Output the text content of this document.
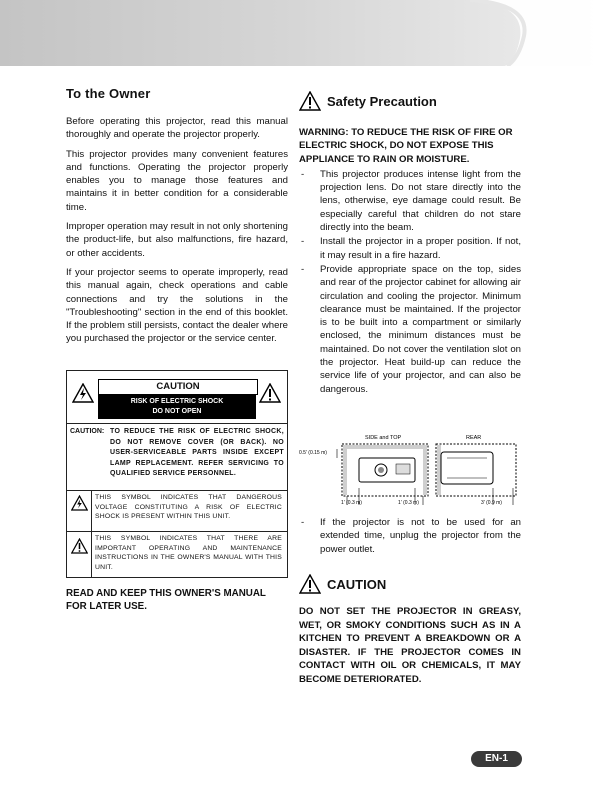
To the Owner

Before operating this projector, read this manual thoroughly and operate the projector properly.

This projector provides many convenient features and functions. Operating the projector properly enables you to manage those features and maintains it in better condition for a considerable time.

Improper operation may result in not only shortening the product-life, but also malfunctions, fire hazard, or other accidents.

If your projector seems to operate improperly, read this manual again, check operations and cable connections and try the solutions in the "Troubleshooting" section in the end of this booklet. If the problem still persists, contact the dealer where you purchased the projector or the service center.

CAUTION
RISK OF ELECTRIC SHOCK
DO NOT OPEN
CAUTION: TO REDUCE THE RISK OF ELECTRIC SHOCK, DO NOT REMOVE COVER (OR BACK). NO USER-SERVICEABLE PARTS INSIDE EXCEPT LAMP REPLACEMENT. REFER SERVICING TO QUALIFIED SERVICE PERSONNEL.
THIS SYMBOL INDICATES THAT DANGEROUS VOLTAGE CONSTITUTING A RISK OF ELECTRIC SHOCK IS PRESENT WITHIN THIS UNIT.
THIS SYMBOL INDICATES THAT THERE ARE IMPORTANT OPERATING AND MAINTENANCE INSTRUCTIONS IN THE OWNER'S MANUAL WITH THIS UNIT.
READ AND KEEP THIS OWNER'S MANUAL FOR LATER USE.
Safety Precaution
WARNING: TO REDUCE THE RISK OF FIRE OR ELECTRIC SHOCK, DO NOT EXPOSE THIS APPLIANCE TO RAIN OR MOISTURE.
- This projector produces intense light from the projection lens. Do not stare directly into the lens, otherwise, eye damage could result. Be especially careful that children do not stare directly into the beam.
- Install the projector in a proper position. If not, it may result in a fire hazard.
- Provide appropriate space on the top, sides and rear of the projector cabinet for allowing air circulation and cooling the projector. Minimum clearance must be maintained. If the projector is to be built into a compartment or similarly enclosed, the minimum distances must be maintained. Do not cover the ventilation slot on the projector. Heat build-up can reduce the service life of your projector, and can also be dangerous.
SIDE and TOP	REAR
0.5' (0.15 m)
1' (0.3 m)	1' (0.3 m)	3' (0.9 m)
- If the projector is not to be used for an extended time, unplug the projector from the power outlet.
CAUTION
DO NOT SET THE PROJECTOR IN GREASY, WET, OR SMOKY CONDITIONS SUCH AS IN A KITCHEN TO PREVENT A BREAKDOWN OR A DISASTER. IF THE PROJECTOR COMES IN CONTACT WITH OIL OR CHEMICALS, IT MAY BECOME DETERIORATED.
EN-1
